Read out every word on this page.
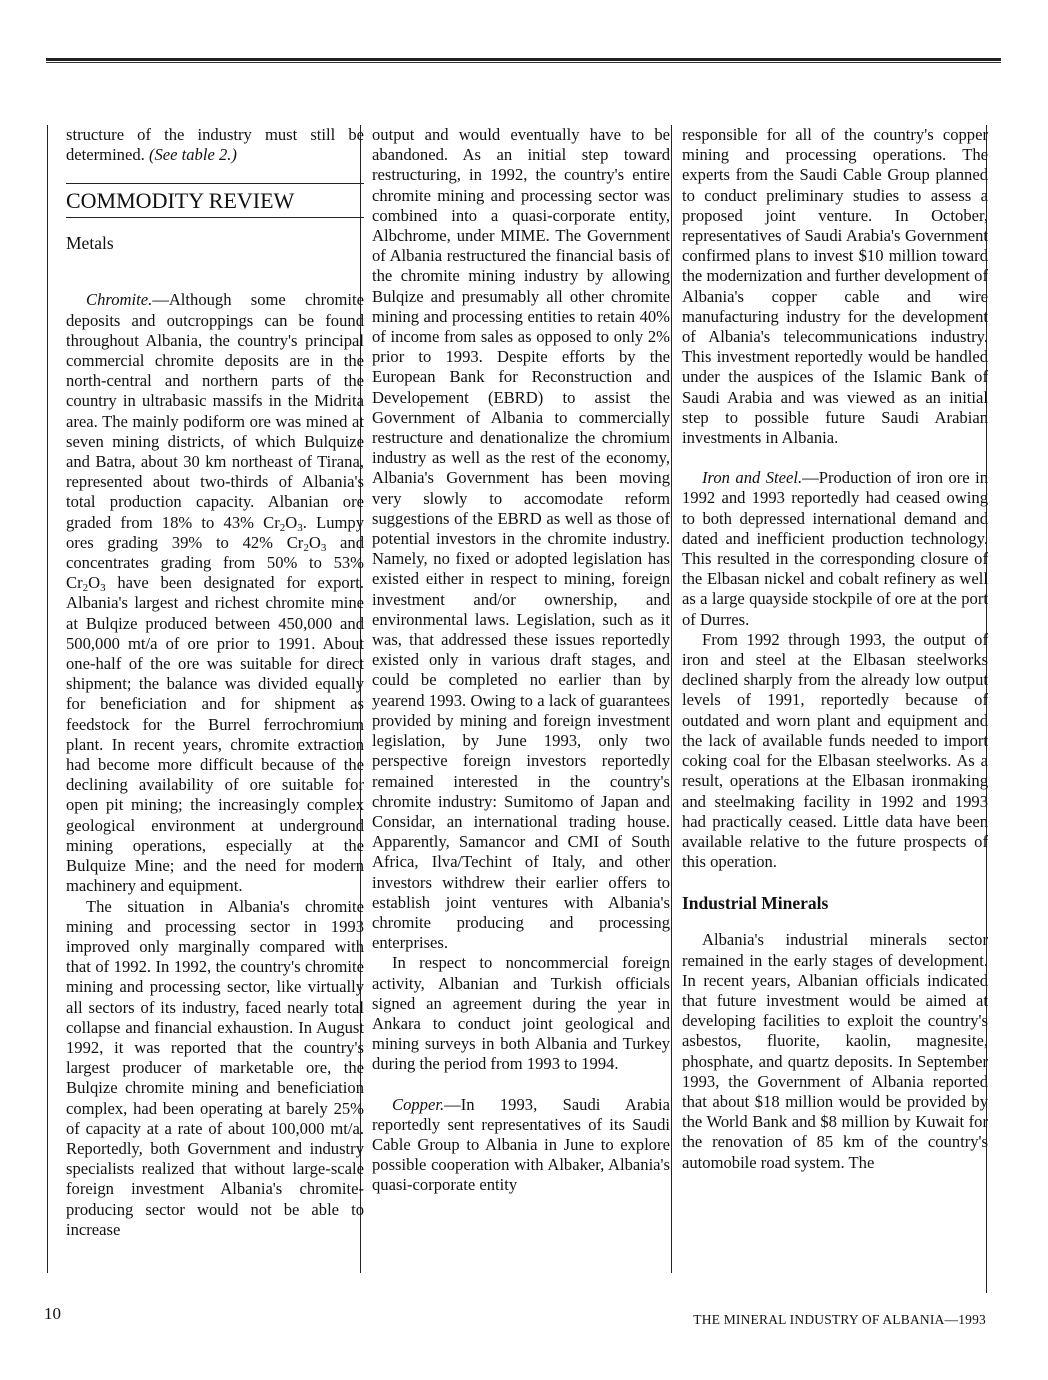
structure of the industry must still be determined. (See table 2.)

COMMODITY REVIEW
Metals

Chromite.—Although some chromite deposits and outcroppings can be found throughout Albania, the country's principal commercial chromite deposits are in the north-central and northern parts of the country in ultrabasic massifs in the Midrita area. The mainly podiform ore was mined at seven mining districts, of which Bulquize and Batra, about 30 km northeast of Tirana, represented about two-thirds of Albania's total production capacity. Albanian ore graded from 18% to 43% $Cr_2O_3$. Lumpy ores grading 39% to 42% $Cr_2O_3$ and concentrates grading from 50% to 53% $Cr_2O_3$ have been designated for export. Albania's largest and richest chromite mine at Bulqize produced between 450,000 and 500,000 mt/a of ore prior to 1991. About one-half of the ore was suitable for direct shipment; the balance was divided equally for beneficiation and for shipment as feedstock for the Burrel ferrochromium plant. In recent years, chromite extraction had become more difficult because of the declining availability of ore suitable for open pit mining; the increasingly complex geological environment at underground mining operations, especially at the Bulquize Mine; and the need for modern machinery and equipment.

The situation in Albania's chromite mining and processing sector in 1993 improved only marginally compared with that of 1992. In 1992, the country's chromite mining and processing sector, like virtually all sectors of its industry, faced nearly total collapse and financial exhaustion. In August 1992, it was reported that the country's largest producer of marketable ore, the Bulqize chromite mining and beneficiation complex, had been operating at barely 25% of capacity at a rate of about 100,000 mt/a. Reportedly, both Government and industry specialists realized that without large-scale foreign investment Albania's chromite-producing sector would not be able to increase

output and would eventually have to be abandoned. As an initial step toward restructuring, in 1992, the country's entire chromite mining and processing sector was combined into a quasi-corporate entity, Albchrome, under MIME. The Government of Albania restructured the financial basis of the chromite mining industry by allowing Bulqize and presumably all other chromite mining and processing entities to retain 40% of income from sales as opposed to only 2% prior to 1993. Despite efforts by the European Bank for Reconstruction and Developement (EBRD) to assist the Government of Albania to commercially restructure and denationalize the chromium industry as well as the rest of the economy, Albania's Government has been moving very slowly to accomodate reform suggestions of the EBRD as well as those of potential investors in the chromite industry. Namely, no fixed or adopted legislation has existed either in respect to mining, foreign investment and/or ownership, and environmental laws. Legislation, such as it was, that addressed these issues reportedly existed only in various draft stages, and could be completed no earlier than by yearend 1993. Owing to a lack of guarantees provided by mining and foreign investment legislation, by June 1993, only two perspective foreign investors reportedly remained interested in the country's chromite industry: Sumitomo of Japan and Considar, an international trading house. Apparently, Samancor and CMI of South Africa, Ilva/Techint of Italy, and other investors withdrew their earlier offers to establish joint ventures with Albania's chromite producing and processing enterprises.

In respect to noncommercial foreign activity, Albanian and Turkish officials signed an agreement during the year in Ankara to conduct joint geological and mining surveys in both Albania and Turkey during the period from 1993 to 1994.

Copper.—In 1993, Saudi Arabia reportedly sent representatives of its Saudi Cable Group to Albania in June to explore possible cooperation with Albaker, Albania's quasi-corporate entity

responsible for all of the country's copper mining and processing operations. The experts from the Saudi Cable Group planned to conduct preliminary studies to assess a proposed joint venture. In October, representatives of Saudi Arabia's Government confirmed plans to invest $10 million toward the modernization and further development of Albania's copper cable and wire manufacturing industry for the development of Albania's telecommunications industry. This investment reportedly would be handled under the auspices of the Islamic Bank of Saudi Arabia and was viewed as an initial step to possible future Saudi Arabian investments in Albania.

Iron and Steel.—Production of iron ore in 1992 and 1993 reportedly had ceased owing to both depressed international demand and dated and inefficient production technology. This resulted in the corresponding closure of the Elbasan nickel and cobalt refinery as well as a large quayside stockpile of ore at the port of Durres.

From 1992 through 1993, the output of iron and steel at the Elbasan steelworks declined sharply from the already low output levels of 1991, reportedly because of outdated and worn plant and equipment and the lack of available funds needed to import coking coal for the Elbasan steelworks. As a result, operations at the Elbasan ironmaking and steelmaking facility in 1992 and 1993 had practically ceased. Little data have been available relative to the future prospects of this operation.

Industrial Minerals

Albania's industrial minerals sector remained in the early stages of development. In recent years, Albanian officials indicated that future investment would be aimed at developing facilities to exploit the country's asbestos, fluorite, kaolin, magnesite, phosphate, and quartz deposits. In September 1993, the Government of Albania reported that about $18 million would be provided by the World Bank and $8 million by Kuwait for the renovation of 85 km of the country's automobile road system. The

10	THE MINERAL INDUSTRY OF ALBANIA—1993
